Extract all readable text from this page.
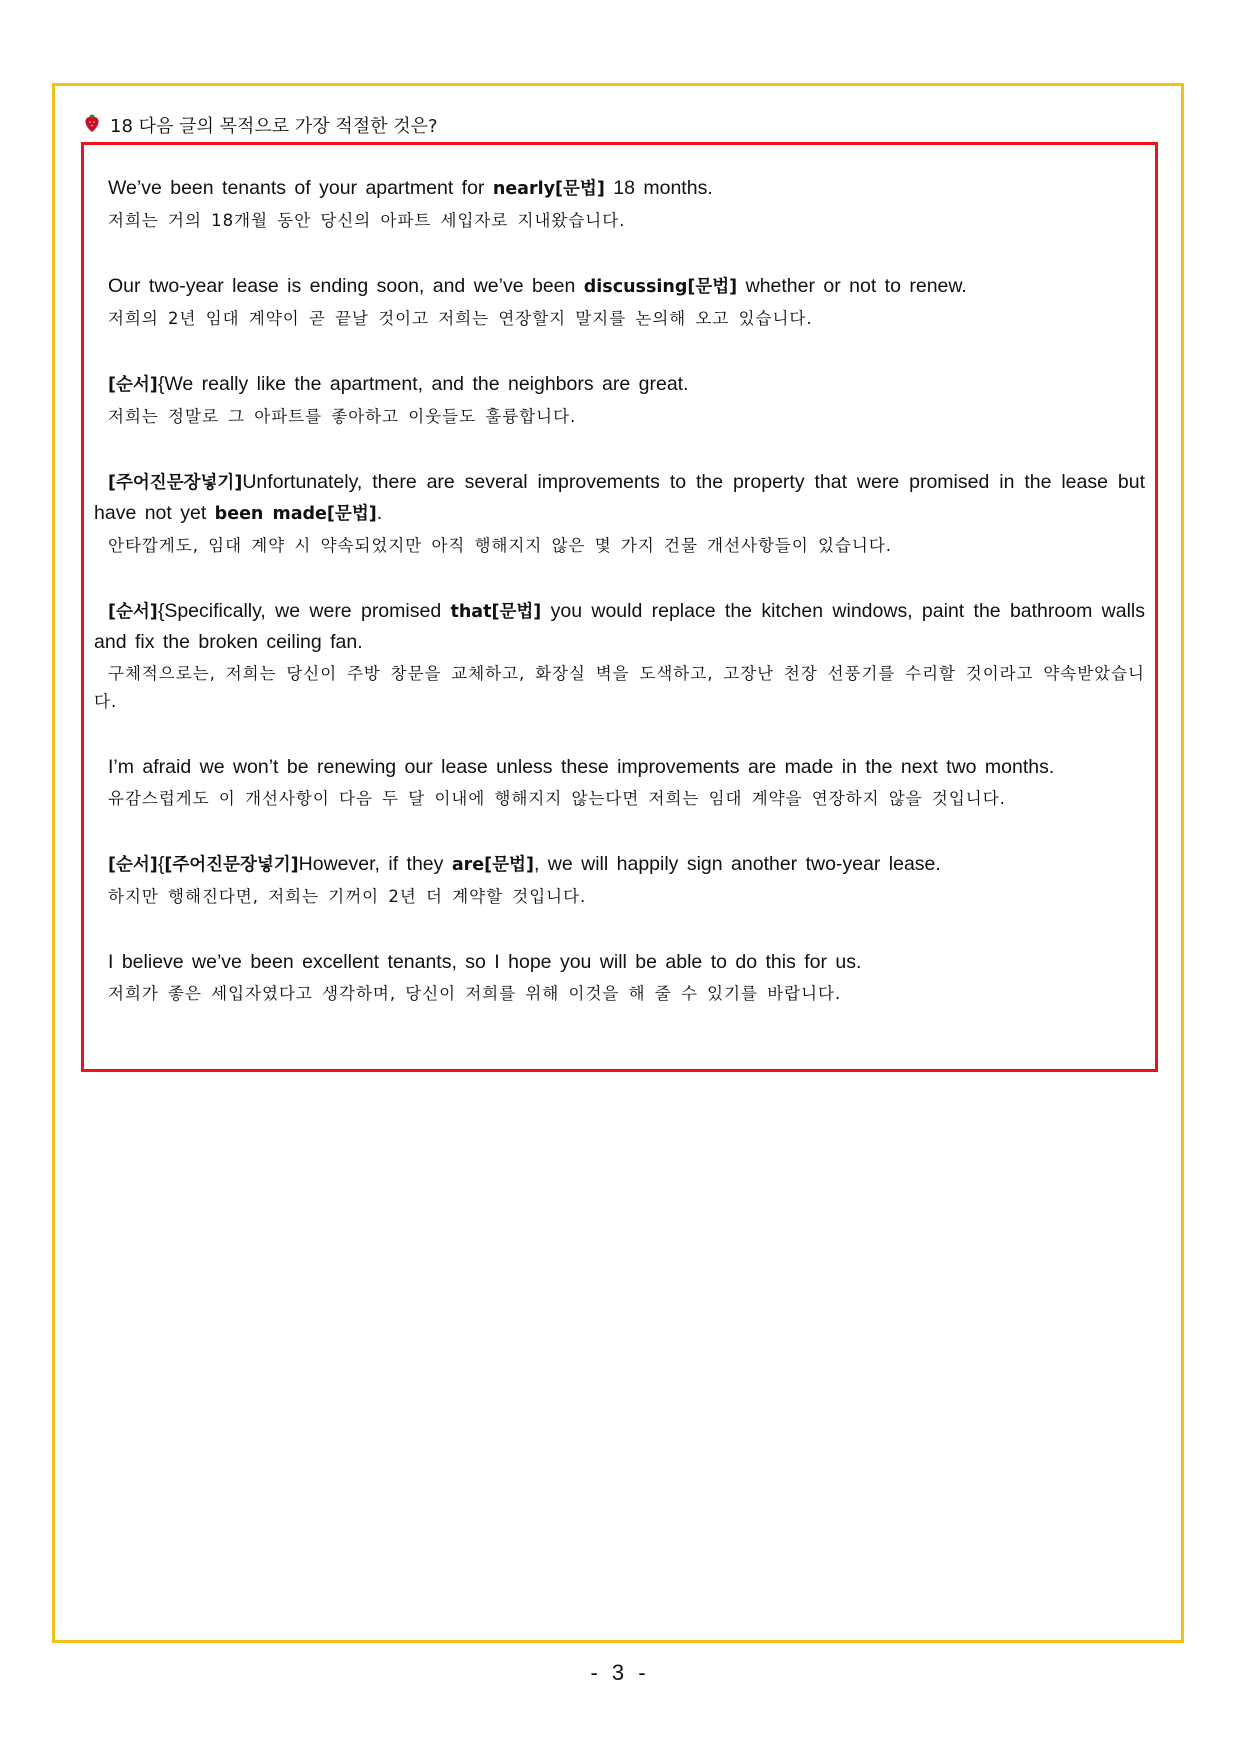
18 다음 글의 목적으로 가장 적절한 것은?
We’ve been tenants of your apartment for nearly[문법] 18 months.
저희는 거의 18개월 동안 당신의 아파트 세입자로 지내왔습니다.
Our two-year lease is ending soon, and we’ve been discussing[문법] whether or not to renew.
저희의 2년 임대 계약이 곧 끝날 것이고 저희는 연장할지 말지를 논의해 오고 있습니다.
[순서]{We really like the apartment, and the neighbors are great.
저희는 정말로 그 아파트를 좋아하고 이웃들도 훌륭합니다.
[주어진문장넣기]Unfortunately, there are several improvements to the property that were promised in the lease but have not yet been made[문법].
안타깝게도, 임대 계약 시 약속되었지만 아직 행해지지 않은 몇 가지 건물 개선사항들이 있습니다.
[순서]{Specifically, we were promised that[문법] you would replace the kitchen windows, paint the bathroom walls and fix the broken ceiling fan.
구체적으로는, 저희는 당신이 주방 창문을 교체하고, 화장실 벽을 도색하고, 고장난 천장 선풍기를 수리할 것이라고 약속받았습니다.
I’m afraid we won’t be renewing our lease unless these improvements are made in the next two months.
유감스럽게도 이 개선사항이 다음 두 달 이내에 행해지지 않는다면 저희는 임대 계약을 연장하지 않을 것입니다.
[순서]{[주어진문장넣기]However, if they are[문법], we will happily sign another two-year lease.
하지만 행해진다면, 저희는 기꺼이 2년 더 계약할 것입니다.
I believe we’ve been excellent tenants, so I hope you will be able to do this for us.
저희가 좋은 세입자였다고 생각하며, 당신이 저희를 위해 이것을 해 줄 수 있기를 바랍니다.
- 3 -
